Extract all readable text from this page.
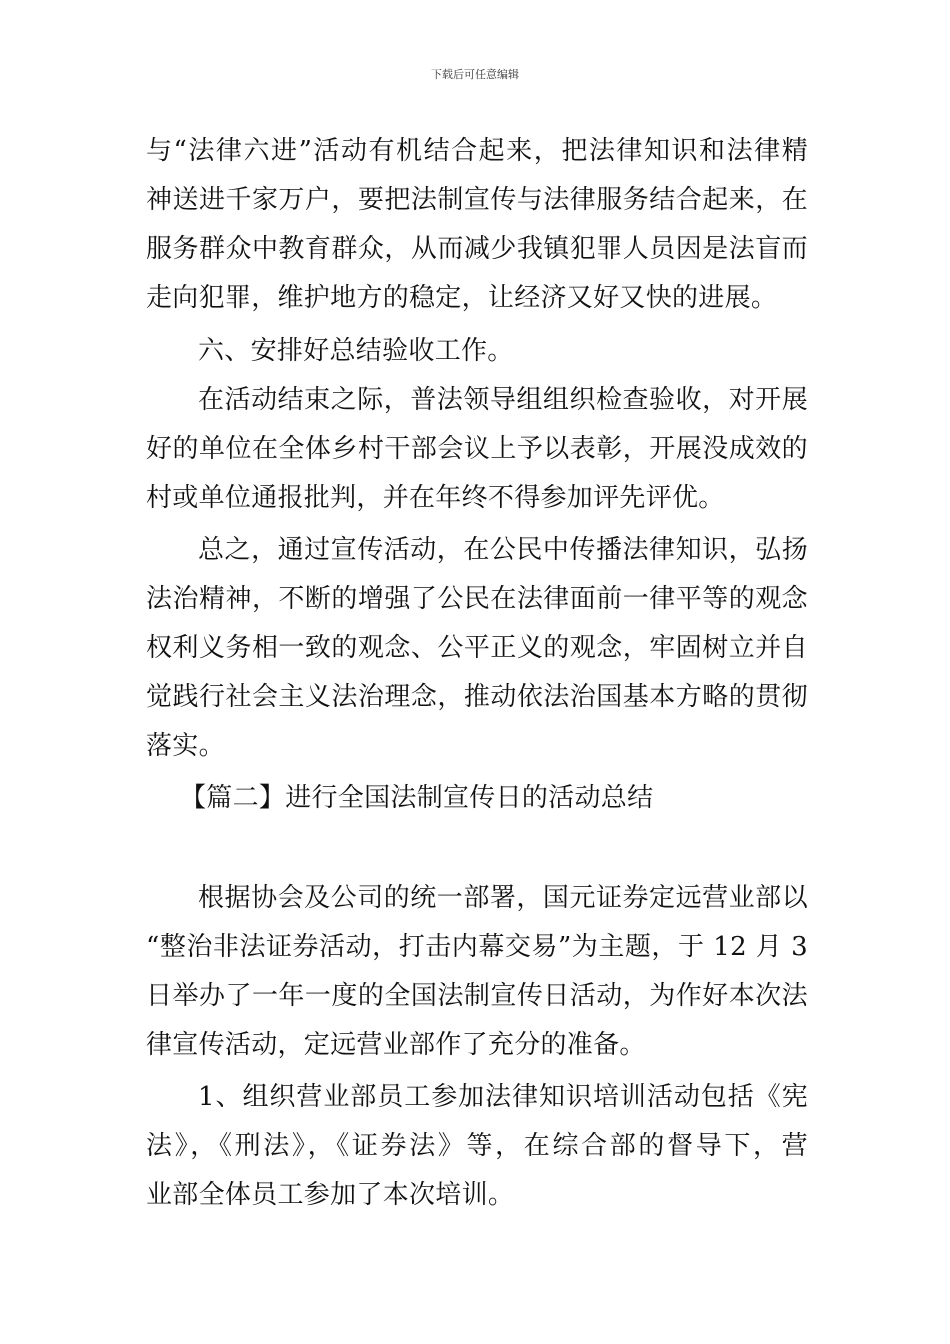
下载后可任意编辑
与“法律六进”活动有机结合起来，把法律知识和法律精
神送进千家万户，要把法制宣传与法律服务结合起来，在
服务群众中教育群众，从而减少我镇犯罪人员因是法盲而
走向犯罪，维护地方的稳定，让经济又好又快的进展。
六、安排好总结验收工作。
在活动结束之际，普法领导组组织检查验收，对开展
好的单位在全体乡村干部会议上予以表彰，开展没成效的
村或单位通报批判，并在年终不得参加评先评优。
总之，通过宣传活动，在公民中传播法律知识，弘扬
法治精神，不断的增强了公民在法律面前一律平等的观念
权利义务相一致的观念、公平正义的观念，牢固树立并自
觉践行社会主义法治理念，推动依法治国基本方略的贯彻
落实。
【篇二】进行全国法制宣传日的活动总结
根据协会及公司的统一部署，国元证券定远营业部以
“整治非法证券活动，打击内幕交易”为主题，于 12 月 3
日举办了一年一度的全国法制宣传日活动，为作好本次法
律宣传活动，定远营业部作了充分的准备。
1、组织营业部员工参加法律知识培训活动包括《宪
法》，《刑法》，《证券法》等，在综合部的督导下，营
业部全体员工参加了本次培训。
